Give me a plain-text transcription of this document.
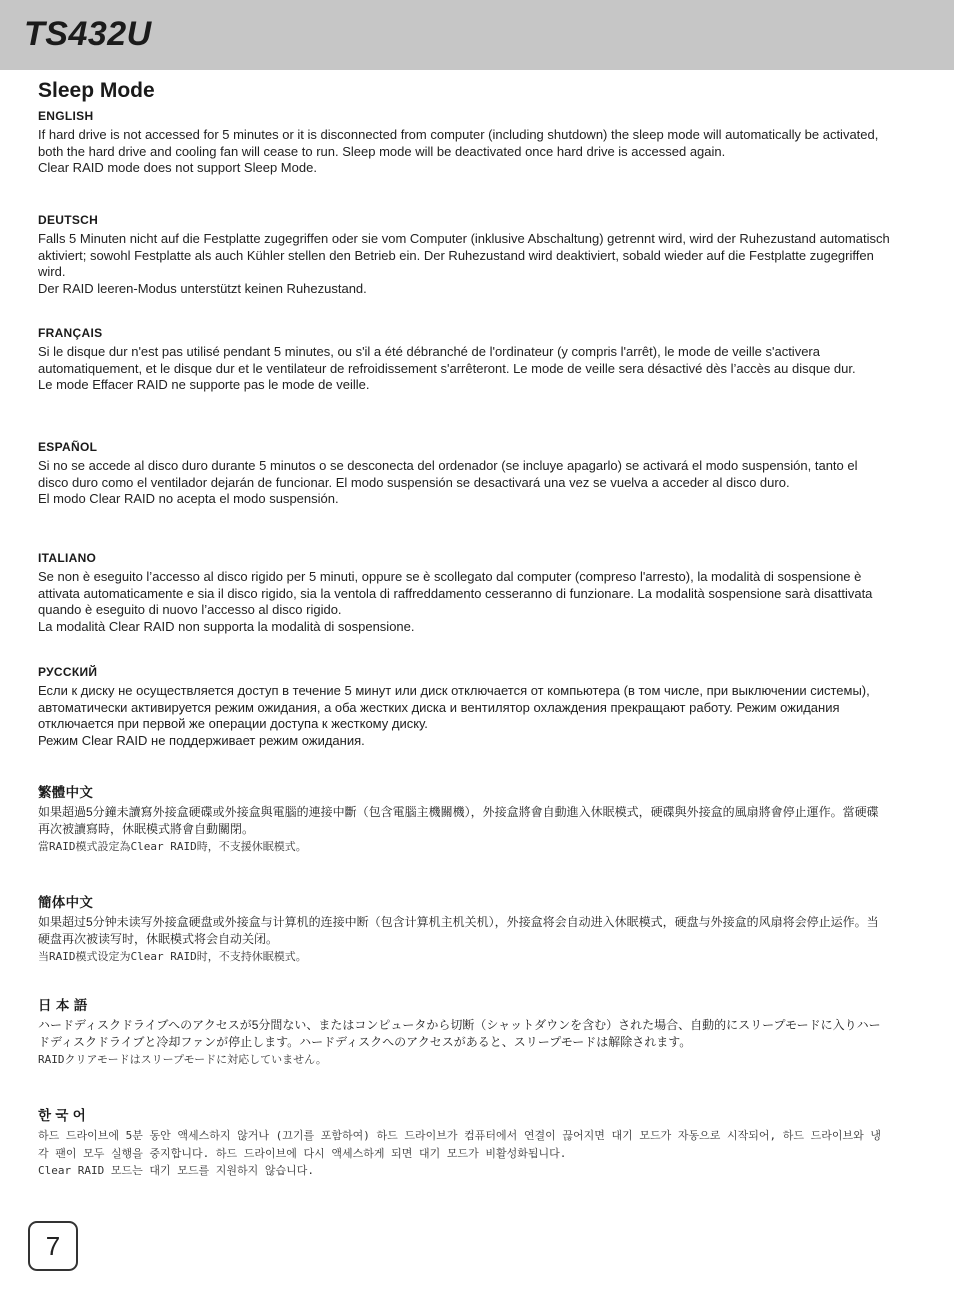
TS432U
Sleep Mode
ENGLISH

If hard drive is not accessed for 5 minutes or it is disconnected from computer (including shutdown) the sleep mode will automatically be activated, both the hard drive and cooling fan will cease to run. Sleep mode will be deactivated once hard drive is accessed again.

Clear RAID mode does not support Sleep Mode.

DEUTSCH

Falls 5 Minuten nicht auf die Festplatte zugegriffen oder sie vom Computer (inklusive Abschaltung) getrennt wird, wird der Ruhezustand automatisch aktiviert; sowohl Festplatte als auch Kühler stellen den Betrieb ein. Der Ruhezustand wird deaktiviert, sobald wieder auf die Festplatte zugegriffen wird.

Der RAID leeren-Modus unterstützt keinen Ruhezustand.

FRANÇAIS

Si le disque dur n'est pas utilisé pendant 5 minutes, ou s'il a été débranché de l'ordinateur (y compris l'arrêt), le mode de veille s'activera automatiquement, et le disque dur et le ventilateur de refroidissement s'arrêteront. Le mode de veille sera désactivé dès l’accès au disque dur.

Le mode Effacer RAID ne supporte pas le mode de veille.

ESPAÑOL

Si no se accede al disco duro durante 5 minutos o se desconecta del ordenador (se incluye apagarlo) se activará el modo suspensión, tanto el disco duro como el ventilador dejarán de funcionar. El modo suspensión se desactivará una vez se vuelva a acceder al disco duro.

El modo Clear RAID no acepta el modo suspensión.

ITALIANO

Se non è eseguito l’accesso al disco rigido per 5 minuti, oppure se è scollegato dal computer (compreso l'arresto), la modalità di sospensione è attivata automaticamente e sia il disco rigido, sia la ventola di raffreddamento cesseranno di funzionare. La modalità sospensione sarà disattivata quando è eseguito di nuovo l’accesso al disco rigido.

La modalità Clear RAID non supporta la modalità di sospensione.

РУССКИЙ

Если к диску не осуществляется доступ в течение 5 минут или диск отключается от компьютера (в том числе, при выключении системы), автоматически активируется режим ожидания, а оба жестких диска и вентилятор охлаждения прекращают работу. Режим ожидания отключается при первой же операции доступа к жесткому диску.

Режим Clear RAID не поддерживает режим ожидания.

繁體中文

如果超過5分鐘未讀寫外接盒硬碟或外接盒與電腦的連接中斷（包含電腦主機關機），外接盒將會自動進入休眠模式，硬碟與外接盒的風扇將會停止運作。當硬碟再次被讀寫時，休眠模式將會自動關閉。

當RAID模式設定為Clear RAID時，不支援休眠模式。

簡体中文

如果超过5分钟未读写外接盒硬盘或外接盒与计算机的连接中断（包含计算机主机关机），外接盒将会自动进入休眠模式，硬盘与外接盒的风扇将会停止运作。当硬盘再次被读写时，休眠模式将会自动关闭。

当RAID模式设定为Clear RAID时，不支持休眠模式。

日 本 語

ハードディスクドライブへのアクセスが5分間ない、またはコンピュータから切断（シャットダウンを含む）された場合、自動的にスリープモードに入りハードディスクドライブと冷却ファンが停止します。ハードディスクへのアクセスがあると、スリープモードは解除されます。

RAIDクリアモードはスリープモードに対応していません。

한 국 어

하드 드라이브에 5분 동안 액세스하지 않거나 (끄기를 포함하여) 하드 드라이브가 컴퓨터에서 연결이 끊어지면 대기 모드가 자동으로 시작되어, 하드 드라이브와 냉각 팬이 모두 실행을 중지합니다. 하드 드라이브에 다시 액세스하게 되면 대기 모드가 비활성화됩니다.

Clear RAID 모드는 대기 모드를 지원하지 않습니다.

7
